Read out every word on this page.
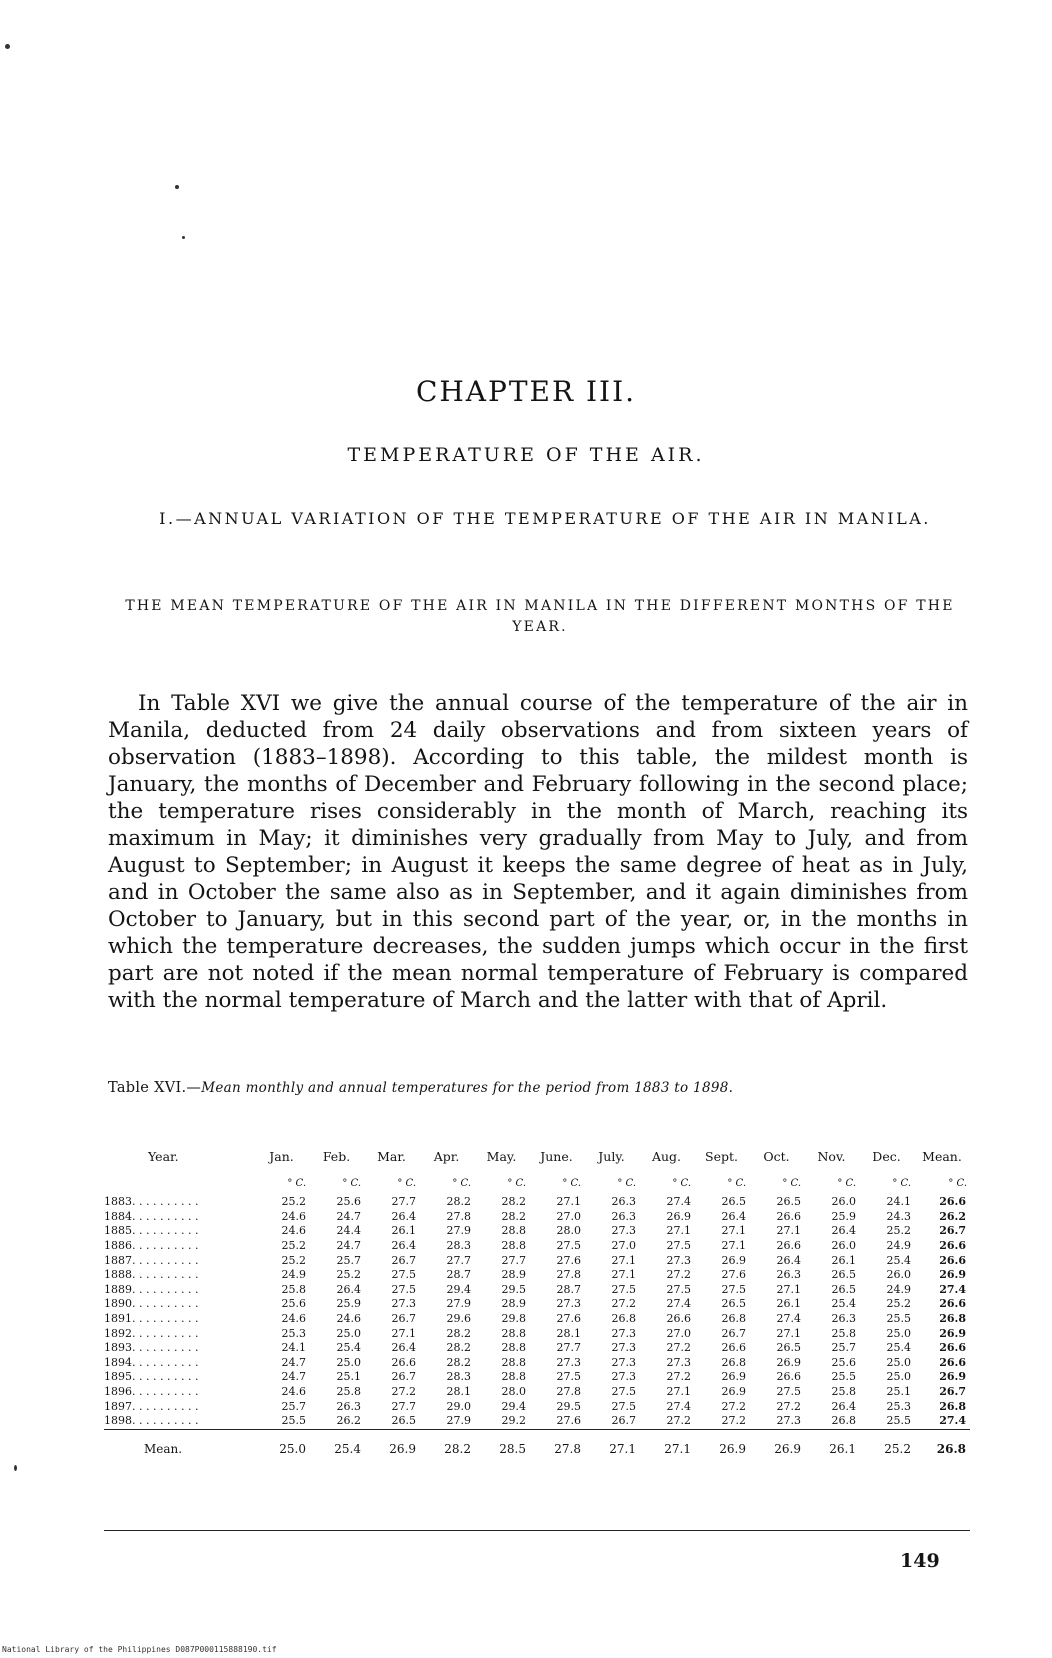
CHAPTER III.
TEMPERATURE OF THE AIR.
I.—ANNUAL VARIATION OF THE TEMPERATURE OF THE AIR IN MANILA.
THE MEAN TEMPERATURE OF THE AIR IN MANILA IN THE DIFFERENT MONTHS OF THE YEAR.

In Table XVI we give the annual course of the temperature of the air in Manila, deducted from 24 daily observations and from sixteen years of observation (1883–1898). According to this table, the mildest month is January, the months of December and February following in the second place; the temperature rises considerably in the month of March, reaching its maximum in May; it diminishes very gradually from May to July, and from August to September; in August it keeps the same degree of heat as in July, and in October the same also as in September, and it again diminishes from October to January, but in this second part of the year, or, in the months in which the temperature decreases, the sudden jumps which occur in the first part are not noted if the mean normal temperature of February is compared with the normal temperature of March and the latter with that of April.

Table XVI.—Mean monthly and annual temperatures for the period from 1883 to 1898.
Year.	Jan.	Feb.	Mar.	Apr.	May.	June.	July.	Aug.	Sept.	Oct.	Nov.	Dec.	Mean.
	° C.	° C.	° C.	° C.	° C.	° C.	° C.	° C.	° C.	° C.	° C.	° C.	° C.
1883. . . . . . . . . .	25.2	25.6	27.7	28.2	28.2	27.1	26.3	27.4	26.5	26.5	26.0	24.1	26.6
1884. . . . . . . . . .	24.6	24.7	26.4	27.8	28.2	27.0	26.3	26.9	26.4	26.6	25.9	24.3	26.2
1885. . . . . . . . . .	24.6	24.4	26.1	27.9	28.8	28.0	27.3	27.1	27.1	27.1	26.4	25.2	26.7
1886. . . . . . . . . .	25.2	24.7	26.4	28.3	28.8	27.5	27.0	27.5	27.1	26.6	26.0	24.9	26.6
1887. . . . . . . . . .	25.2	25.7	26.7	27.7	27.7	27.6	27.1	27.3	26.9	26.4	26.1	25.4	26.6
1888. . . . . . . . . .	24.9	25.2	27.5	28.7	28.9	27.8	27.1	27.2	27.6	26.3	26.5	26.0	26.9
1889. . . . . . . . . .	25.8	26.4	27.5	29.4	29.5	28.7	27.5	27.5	27.5	27.1	26.5	24.9	27.4
1890. . . . . . . . . .	25.6	25.9	27.3	27.9	28.9	27.3	27.2	27.4	26.5	26.1	25.4	25.2	26.6
1891. . . . . . . . . .	24.6	24.6	26.7	29.6	29.8	27.6	26.8	26.6	26.8	27.4	26.3	25.5	26.8
1892. . . . . . . . . .	25.3	25.0	27.1	28.2	28.8	28.1	27.3	27.0	26.7	27.1	25.8	25.0	26.9
1893. . . . . . . . . .	24.1	25.4	26.4	28.2	28.8	27.7	27.3	27.2	26.6	26.5	25.7	25.4	26.6
1894. . . . . . . . . .	24.7	25.0	26.6	28.2	28.8	27.3	27.3	27.3	26.8	26.9	25.6	25.0	26.6
1895. . . . . . . . . .	24.7	25.1	26.7	28.3	28.8	27.5	27.3	27.2	26.9	26.6	25.5	25.0	26.9
1896. . . . . . . . . .	24.6	25.8	27.2	28.1	28.0	27.8	27.5	27.1	26.9	27.5	25.8	25.1	26.7
1897. . . . . . . . . .	25.7	26.3	27.7	29.0	29.4	29.5	27.5	27.4	27.2	27.2	26.4	25.3	26.8
1898. . . . . . . . . .	25.5	26.2	26.5	27.9	29.2	27.6	26.7	27.2	27.2	27.3	26.8	25.5	27.4
Mean.	25.0	25.4	26.9	28.2	28.5	27.8	27.1	27.1	26.9	26.9	26.1	25.2	26.8
149
National Library of the Philippines D087P000115888190.tif
